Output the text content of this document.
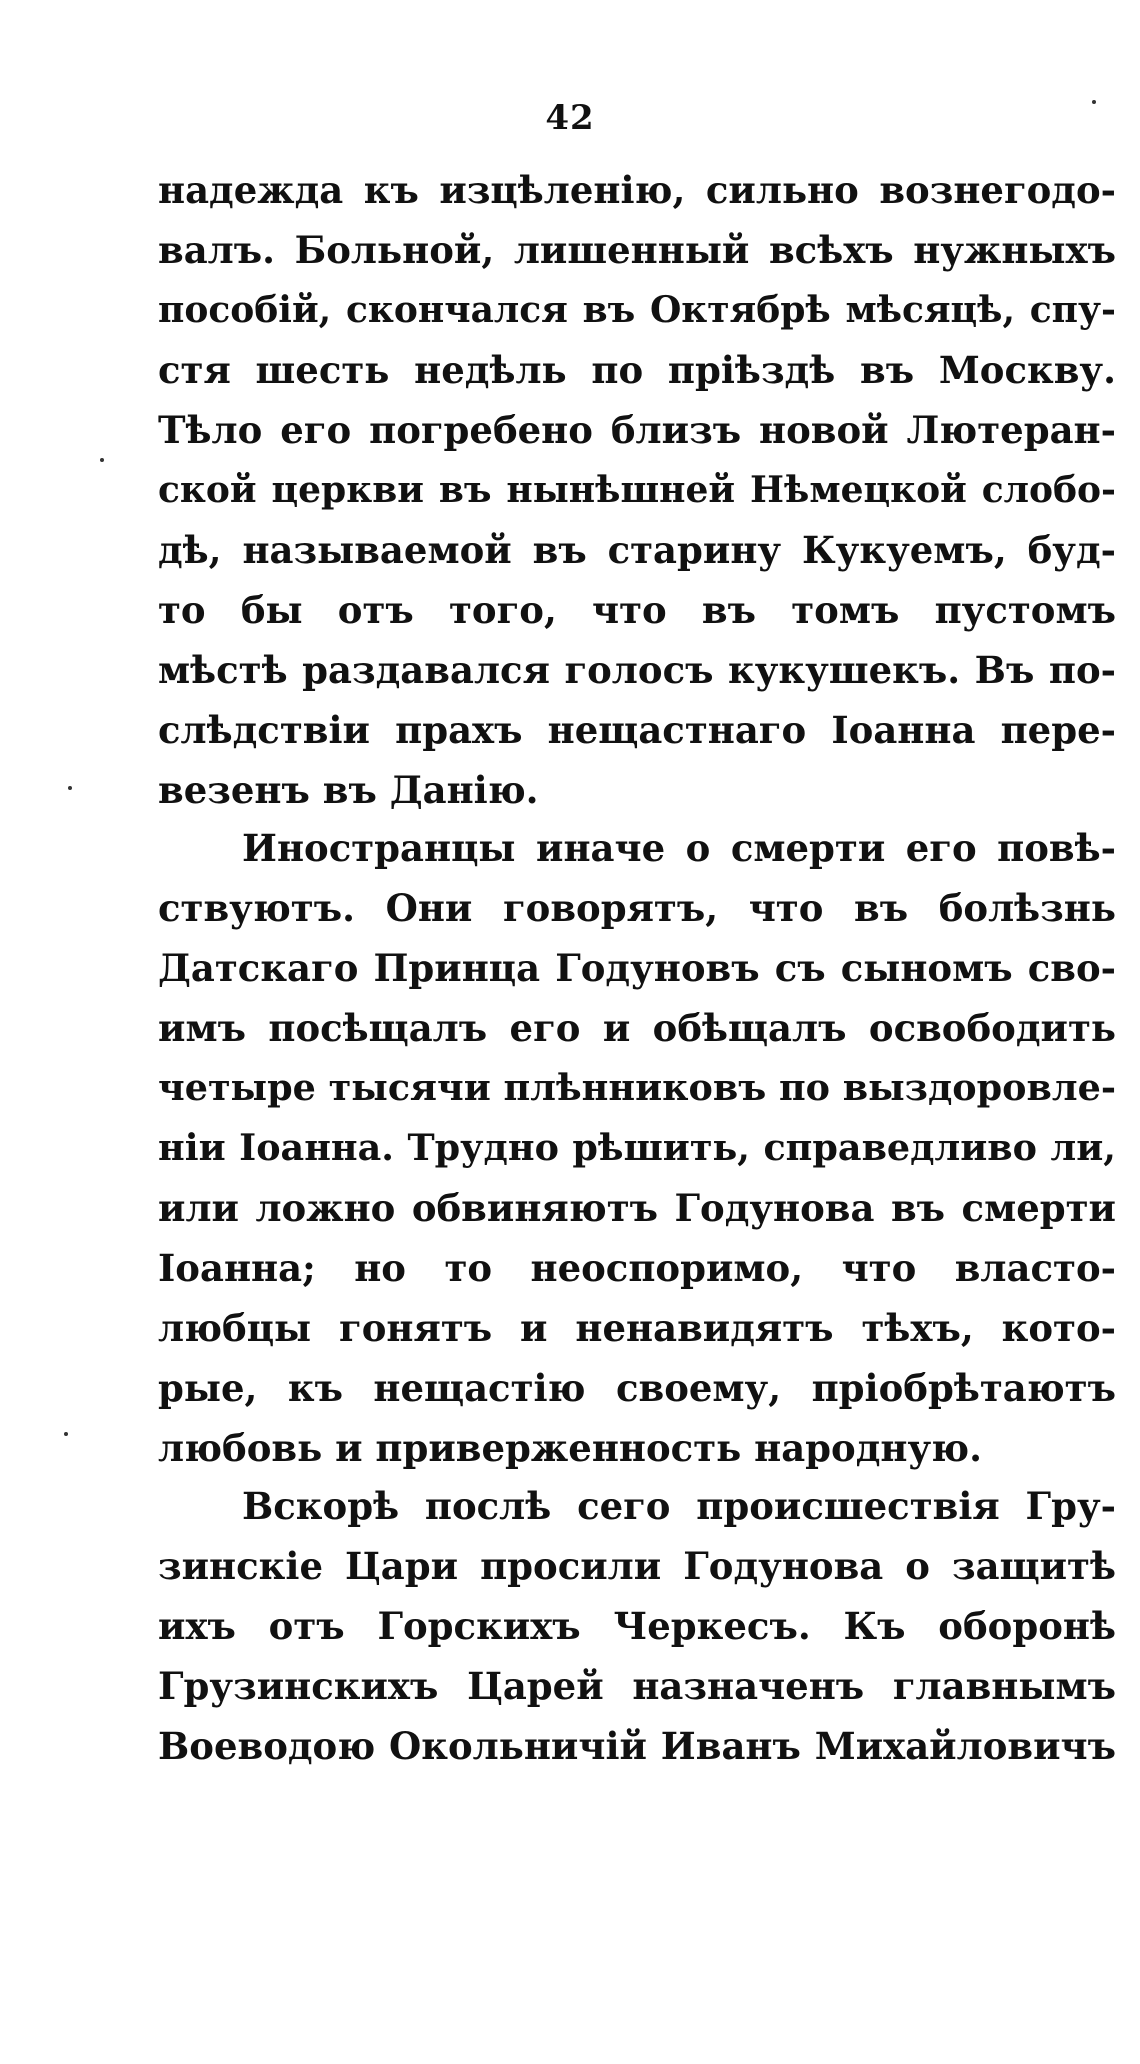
42
надежда къ изцѣленію, сильно вознегодо-
валъ. Больной, лишенный всѣхъ нужныхъ
пособій, скончался въ Октябрѣ мѣсяцѣ, спу-
стя шесть недѣль по пріѣздѣ въ Москву.
Тѣло его погребено близъ новой Лютеран-
ской церкви въ нынѣшней Нѣмецкой слобо-
дѣ, называемой въ старину Кукуемъ, буд-
то бы отъ того, что въ томъ пустомъ
мѣстѣ раздавался голосъ кукушекъ. Въ по-
слѣдствіи прахъ нещастнаго Іоанна пере-
везенъ въ Данію.
Иностранцы иначе о смерти его повѣ-
ствуютъ. Они говорятъ, что въ болѣзнь
Датскаго Принца Годуновъ съ сыномъ сво-
имъ посѣщалъ его и обѣщалъ освободить
четыре тысячи плѣнниковъ по выздоровле-
ніи Іоанна. Трудно рѣшить, справедливо ли,
или ложно обвиняютъ Годунова въ смерти
Іоанна; но то неоспоримо, что власто-
любцы гонятъ и ненавидятъ тѣхъ, кото-
рые, къ нещастію своему, пріобрѣтаютъ
любовь и приверженность народную.
Вскорѣ послѣ сего происшествія Гру-
зинскіе Цари просили Годунова о защитѣ
ихъ отъ Горскихъ Черкесъ. Къ оборонѣ
Грузинскихъ Царей назначенъ главнымъ
Воеводою Окольничій Иванъ Михайловичъ
